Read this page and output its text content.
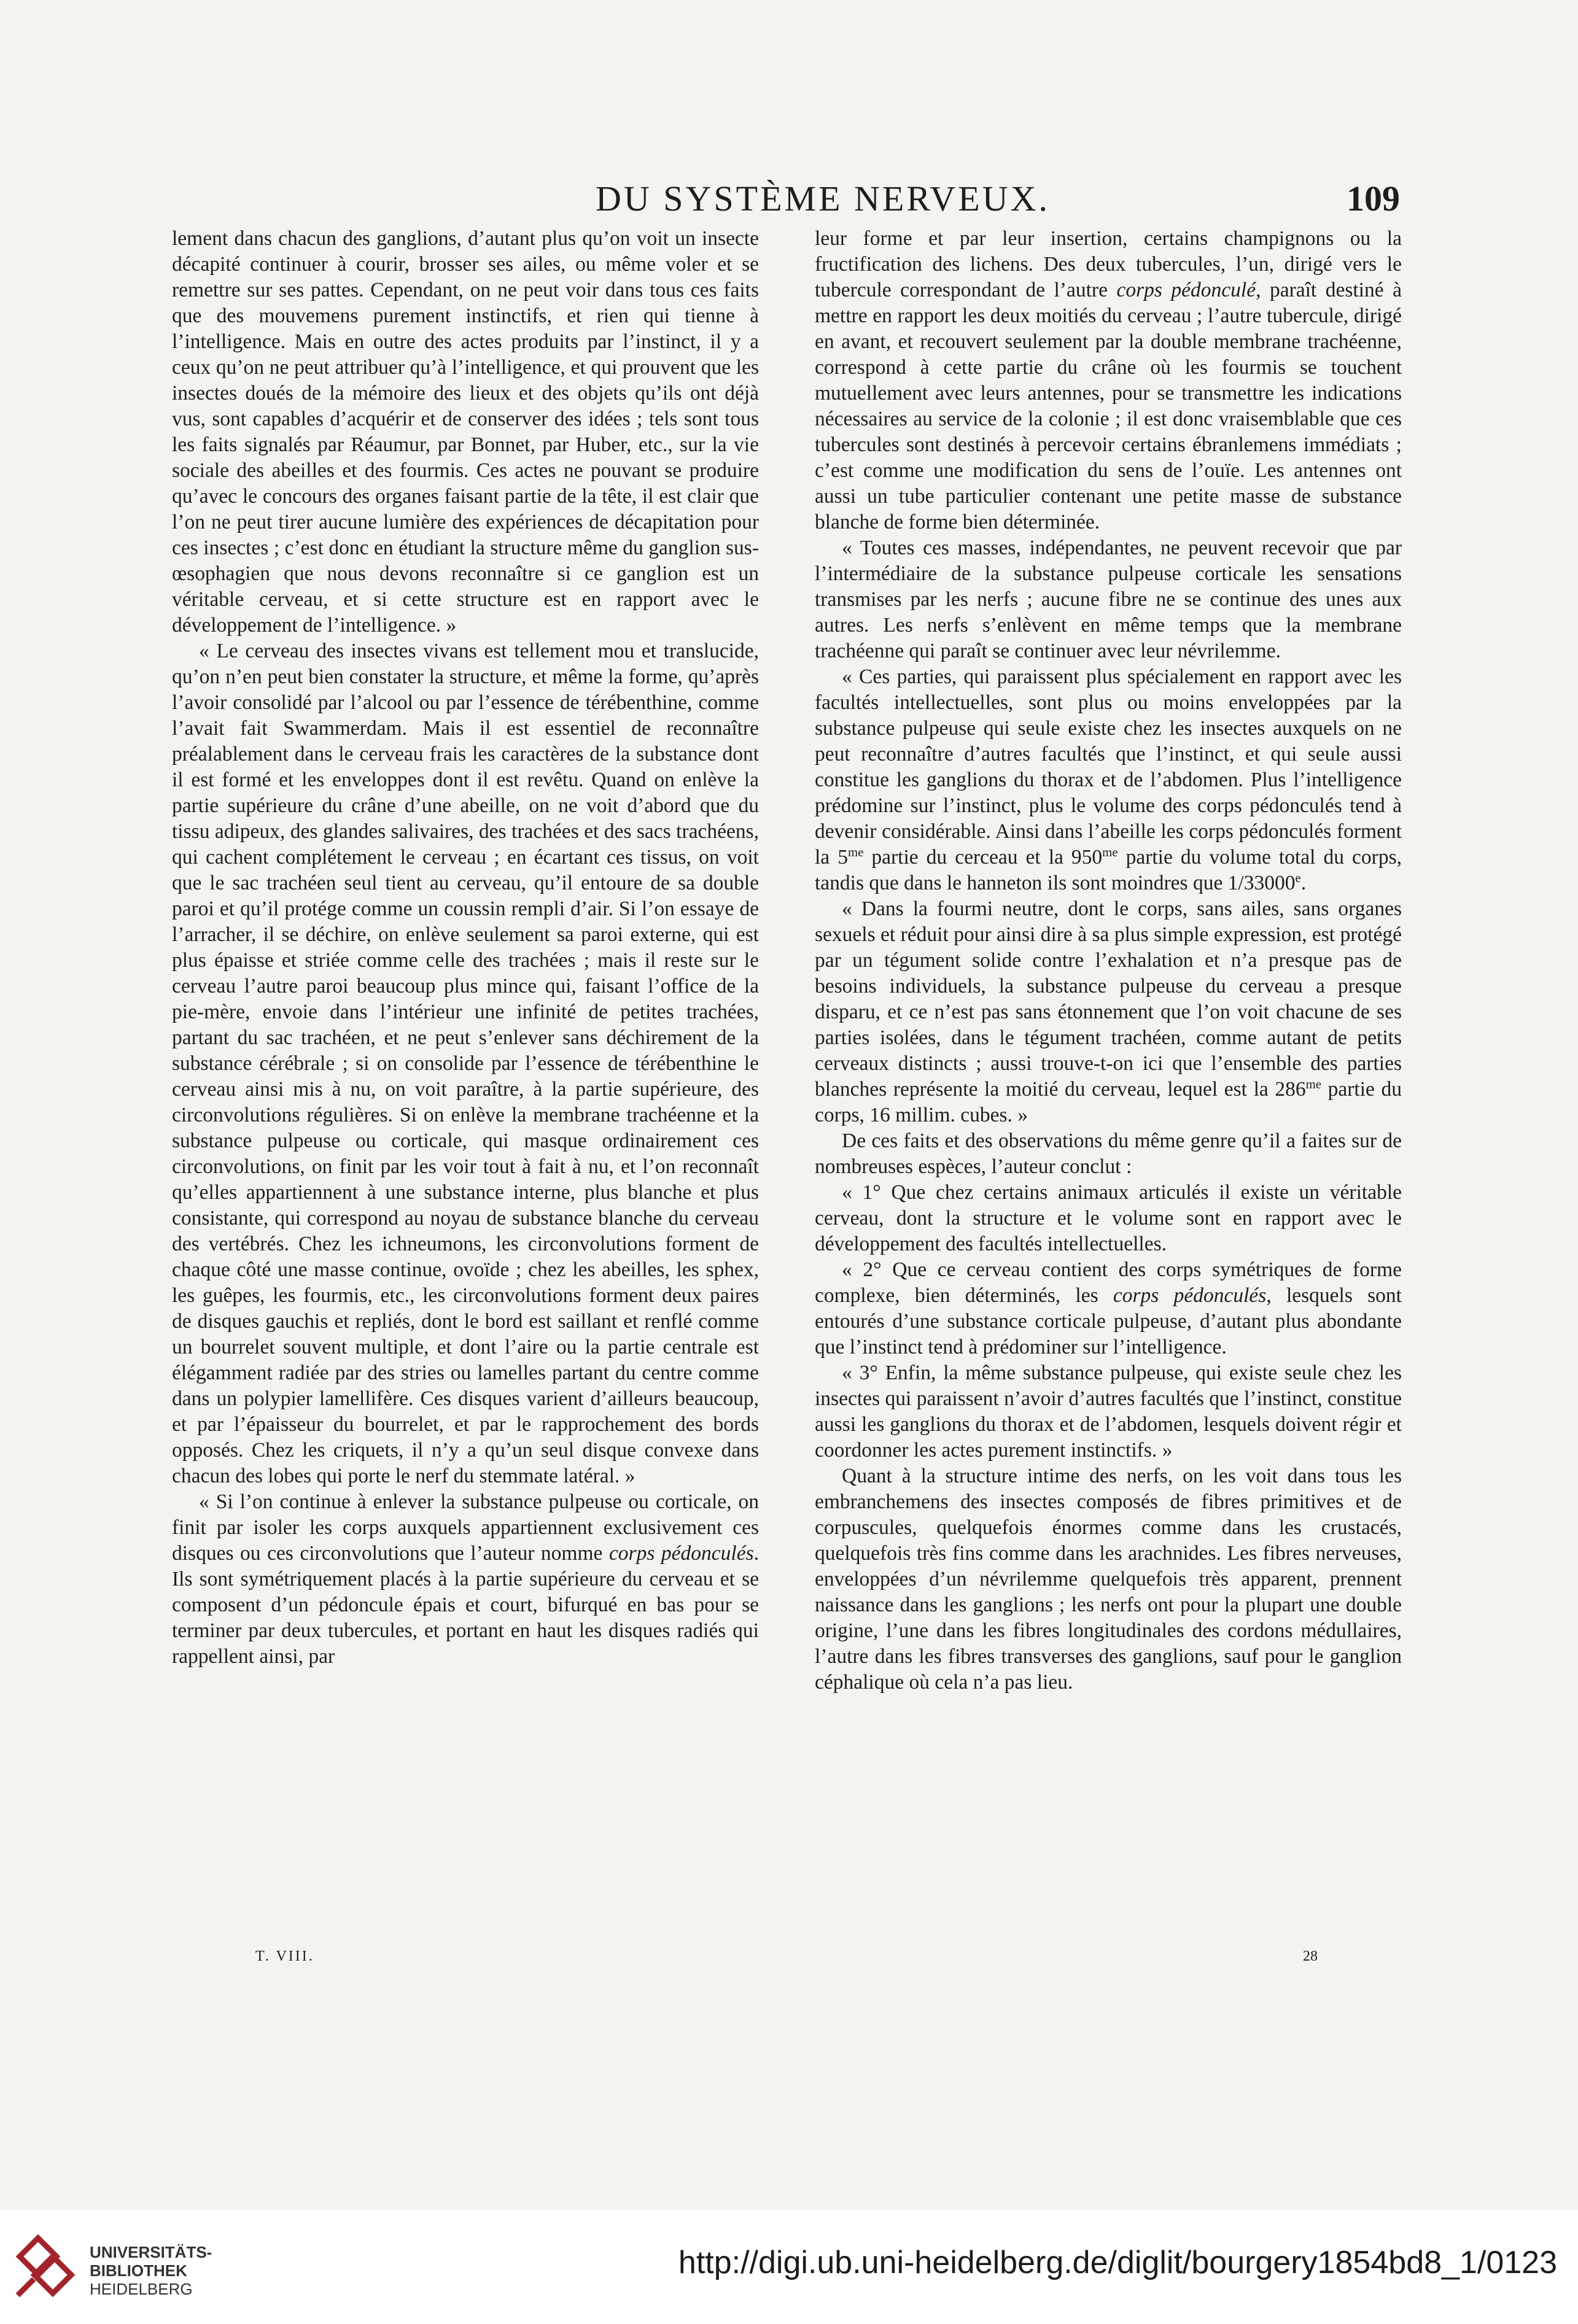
DU SYSTÈME NERVEUX.	109

lement dans chacun des ganglions, d’autant plus qu’on voit un insecte décapité continuer à courir, brosser ses ailes, ou même voler et se remettre sur ses pattes. Cependant, on ne peut voir dans tous ces faits que des mouvemens purement instinctifs, et rien qui tienne à l’intelligence. Mais en outre des actes produits par l’instinct, il y a ceux qu’on ne peut attribuer qu’à l’intelligence, et qui prouvent que les insectes doués de la mémoire des lieux et des objets qu’ils ont déjà vus, sont capables d’acquérir et de conserver des idées ; tels sont tous les faits signalés par Réaumur, par Bonnet, par Huber, etc., sur la vie sociale des abeilles et des fourmis. Ces actes ne pouvant se produire qu’avec le concours des organes faisant partie de la tête, il est clair que l’on ne peut tirer aucune lumière des expériences de décapitation pour ces insectes ; c’est donc en étudiant la structure même du ganglion sus-œsophagien que nous devons reconnaître si ce ganglion est un véritable cerveau, et si cette structure est en rapport avec le développement de l’intelligence. »

« Le cerveau des insectes vivans est tellement mou et translucide, qu’on n’en peut bien constater la structure, et même la forme, qu’après l’avoir consolidé par l’alcool ou par l’essence de térébenthine, comme l’avait fait Swammerdam. Mais il est essentiel de reconnaître préalablement dans le cerveau frais les caractères de la substance dont il est formé et les enveloppes dont il est revêtu. Quand on enlève la partie supérieure du crâne d’une abeille, on ne voit d’abord que du tissu adipeux, des glandes salivaires, des trachées et des sacs trachéens, qui cachent complétement le cerveau ; en écartant ces tissus, on voit que le sac trachéen seul tient au cerveau, qu’il entoure de sa double paroi et qu’il protége comme un coussin rempli d’air. Si l’on essaye de l’arracher, il se déchire, on enlève seulement sa paroi externe, qui est plus épaisse et striée comme celle des trachées ; mais il reste sur le cerveau l’autre paroi beaucoup plus mince qui, faisant l’office de la pie-mère, envoie dans l’intérieur une infinité de petites trachées, partant du sac trachéen, et ne peut s’enlever sans déchirement de la substance cérébrale ; si on consolide par l’essence de térébenthine le cerveau ainsi mis à nu, on voit paraître, à la partie supérieure, des circonvolutions régulières. Si on enlève la membrane trachéenne et la substance pulpeuse ou corticale, qui masque ordinairement ces circonvolutions, on finit par les voir tout à fait à nu, et l’on reconnaît qu’elles appartiennent à une substance interne, plus blanche et plus consistante, qui correspond au noyau de substance blanche du cerveau des vertébrés. Chez les ichneumons, les circonvolutions forment de chaque côté une masse continue, ovoïde ; chez les abeilles, les sphex, les guêpes, les fourmis, etc., les circonvolutions forment deux paires de disques gauchis et repliés, dont le bord est saillant et renflé comme un bourrelet souvent multiple, et dont l’aire ou la partie centrale est élégamment radiée par des stries ou lamelles partant du centre comme dans un polypier lamellifère. Ces disques varient d’ailleurs beaucoup, et par l’épaisseur du bourrelet, et par le rapprochement des bords opposés. Chez les criquets, il n’y a qu’un seul disque convexe dans chacun des lobes qui porte le nerf du stemmate latéral. »

« Si l’on continue à enlever la substance pulpeuse ou corticale, on finit par isoler les corps auxquels appartiennent exclusivement ces disques ou ces circonvolutions que l’auteur nomme corps pédonculés. Ils sont symétriquement placés à la partie supérieure du cerveau et se composent d’un pédoncule épais et court, bifurqué en bas pour se terminer par deux tubercules, et portant en haut les disques radiés qui rappellent ainsi, par

leur forme et par leur insertion, certains champignons ou la fructification des lichens. Des deux tubercules, l’un, dirigé vers le tubercule correspondant de l’autre corps pédonculé, paraît destiné à mettre en rapport les deux moitiés du cerveau ; l’autre tubercule, dirigé en avant, et recouvert seulement par la double membrane trachéenne, correspond à cette partie du crâne où les fourmis se touchent mutuellement avec leurs antennes, pour se transmettre les indications nécessaires au service de la colonie ; il est donc vraisemblable que ces tubercules sont destinés à percevoir certains ébranlemens immédiats ; c’est comme une modification du sens de l’ouïe. Les antennes ont aussi un tube particulier contenant une petite masse de substance blanche de forme bien déterminée.

« Toutes ces masses, indépendantes, ne peuvent recevoir que par l’intermédiaire de la substance pulpeuse corticale les sensations transmises par les nerfs ; aucune fibre ne se continue des unes aux autres. Les nerfs s’enlèvent en même temps que la membrane trachéenne qui paraît se continuer avec leur névrilemme.

« Ces parties, qui paraissent plus spécialement en rapport avec les facultés intellectuelles, sont plus ou moins enveloppées par la substance pulpeuse qui seule existe chez les insectes auxquels on ne peut reconnaître d’autres facultés que l’instinct, et qui seule aussi constitue les ganglions du thorax et de l’abdomen. Plus l’intelligence prédomine sur l’instinct, plus le volume des corps pédonculés tend à devenir considérable. Ainsi dans l’abeille les corps pédonculés forment la $5^{me}$ partie du cerceau et la $950^{me}$ partie du volume total du corps, tandis que dans le hanneton ils sont moindres que 1/33000e.

« Dans la fourmi neutre, dont le corps, sans ailes, sans organes sexuels et réduit pour ainsi dire à sa plus simple expression, est protégé par un tégument solide contre l’exhalation et n’a presque pas de besoins individuels, la substance pulpeuse du cerveau a presque disparu, et ce n’est pas sans étonnement que l’on voit chacune de ses parties isolées, dans le tégument trachéen, comme autant de petits cerveaux distincts ; aussi trouve-t-on ici que l’ensemble des parties blanches représente la moitié du cerveau, lequel est la $286^{me}$ partie du corps, 16 millim. cubes. »

De ces faits et des observations du même genre qu’il a faites sur de nombreuses espèces, l’auteur conclut :

« 1° Que chez certains animaux articulés il existe un véritable cerveau, dont la structure et le volume sont en rapport avec le développement des facultés intellectuelles.

« 2° Que ce cerveau contient des corps symétriques de forme complexe, bien déterminés, les corps pédonculés, lesquels sont entourés d’une substance corticale pulpeuse, d’autant plus abondante que l’instinct tend à prédominer sur l’intelligence.

« 3° Enfin, la même substance pulpeuse, qui existe seule chez les insectes qui paraissent n’avoir d’autres facultés que l’instinct, constitue aussi les ganglions du thorax et de l’abdomen, lesquels doivent régir et coordonner les actes purement instinctifs. »

Quant à la structure intime des nerfs, on les voit dans tous les embranchemens des insectes composés de fibres primitives et de corpuscules, quelquefois énormes comme dans les crustacés, quelquefois très fins comme dans les arachnides. Les fibres nerveuses, enveloppées d’un névrilemme quelquefois très apparent, prennent naissance dans les ganglions ; les nerfs ont pour la plupart une double origine, l’une dans les fibres longitudinales des cordons médullaires, l’autre dans les fibres transverses des ganglions, sauf pour le ganglion céphalique où cela n’a pas lieu.

T. VIII.	28
UNIVERSITÄTS-
BIBLIOTHEK
HEIDELBERG
http://digi.ub.uni-heidelberg.de/diglit/bourgery1854bd8_1/0123
